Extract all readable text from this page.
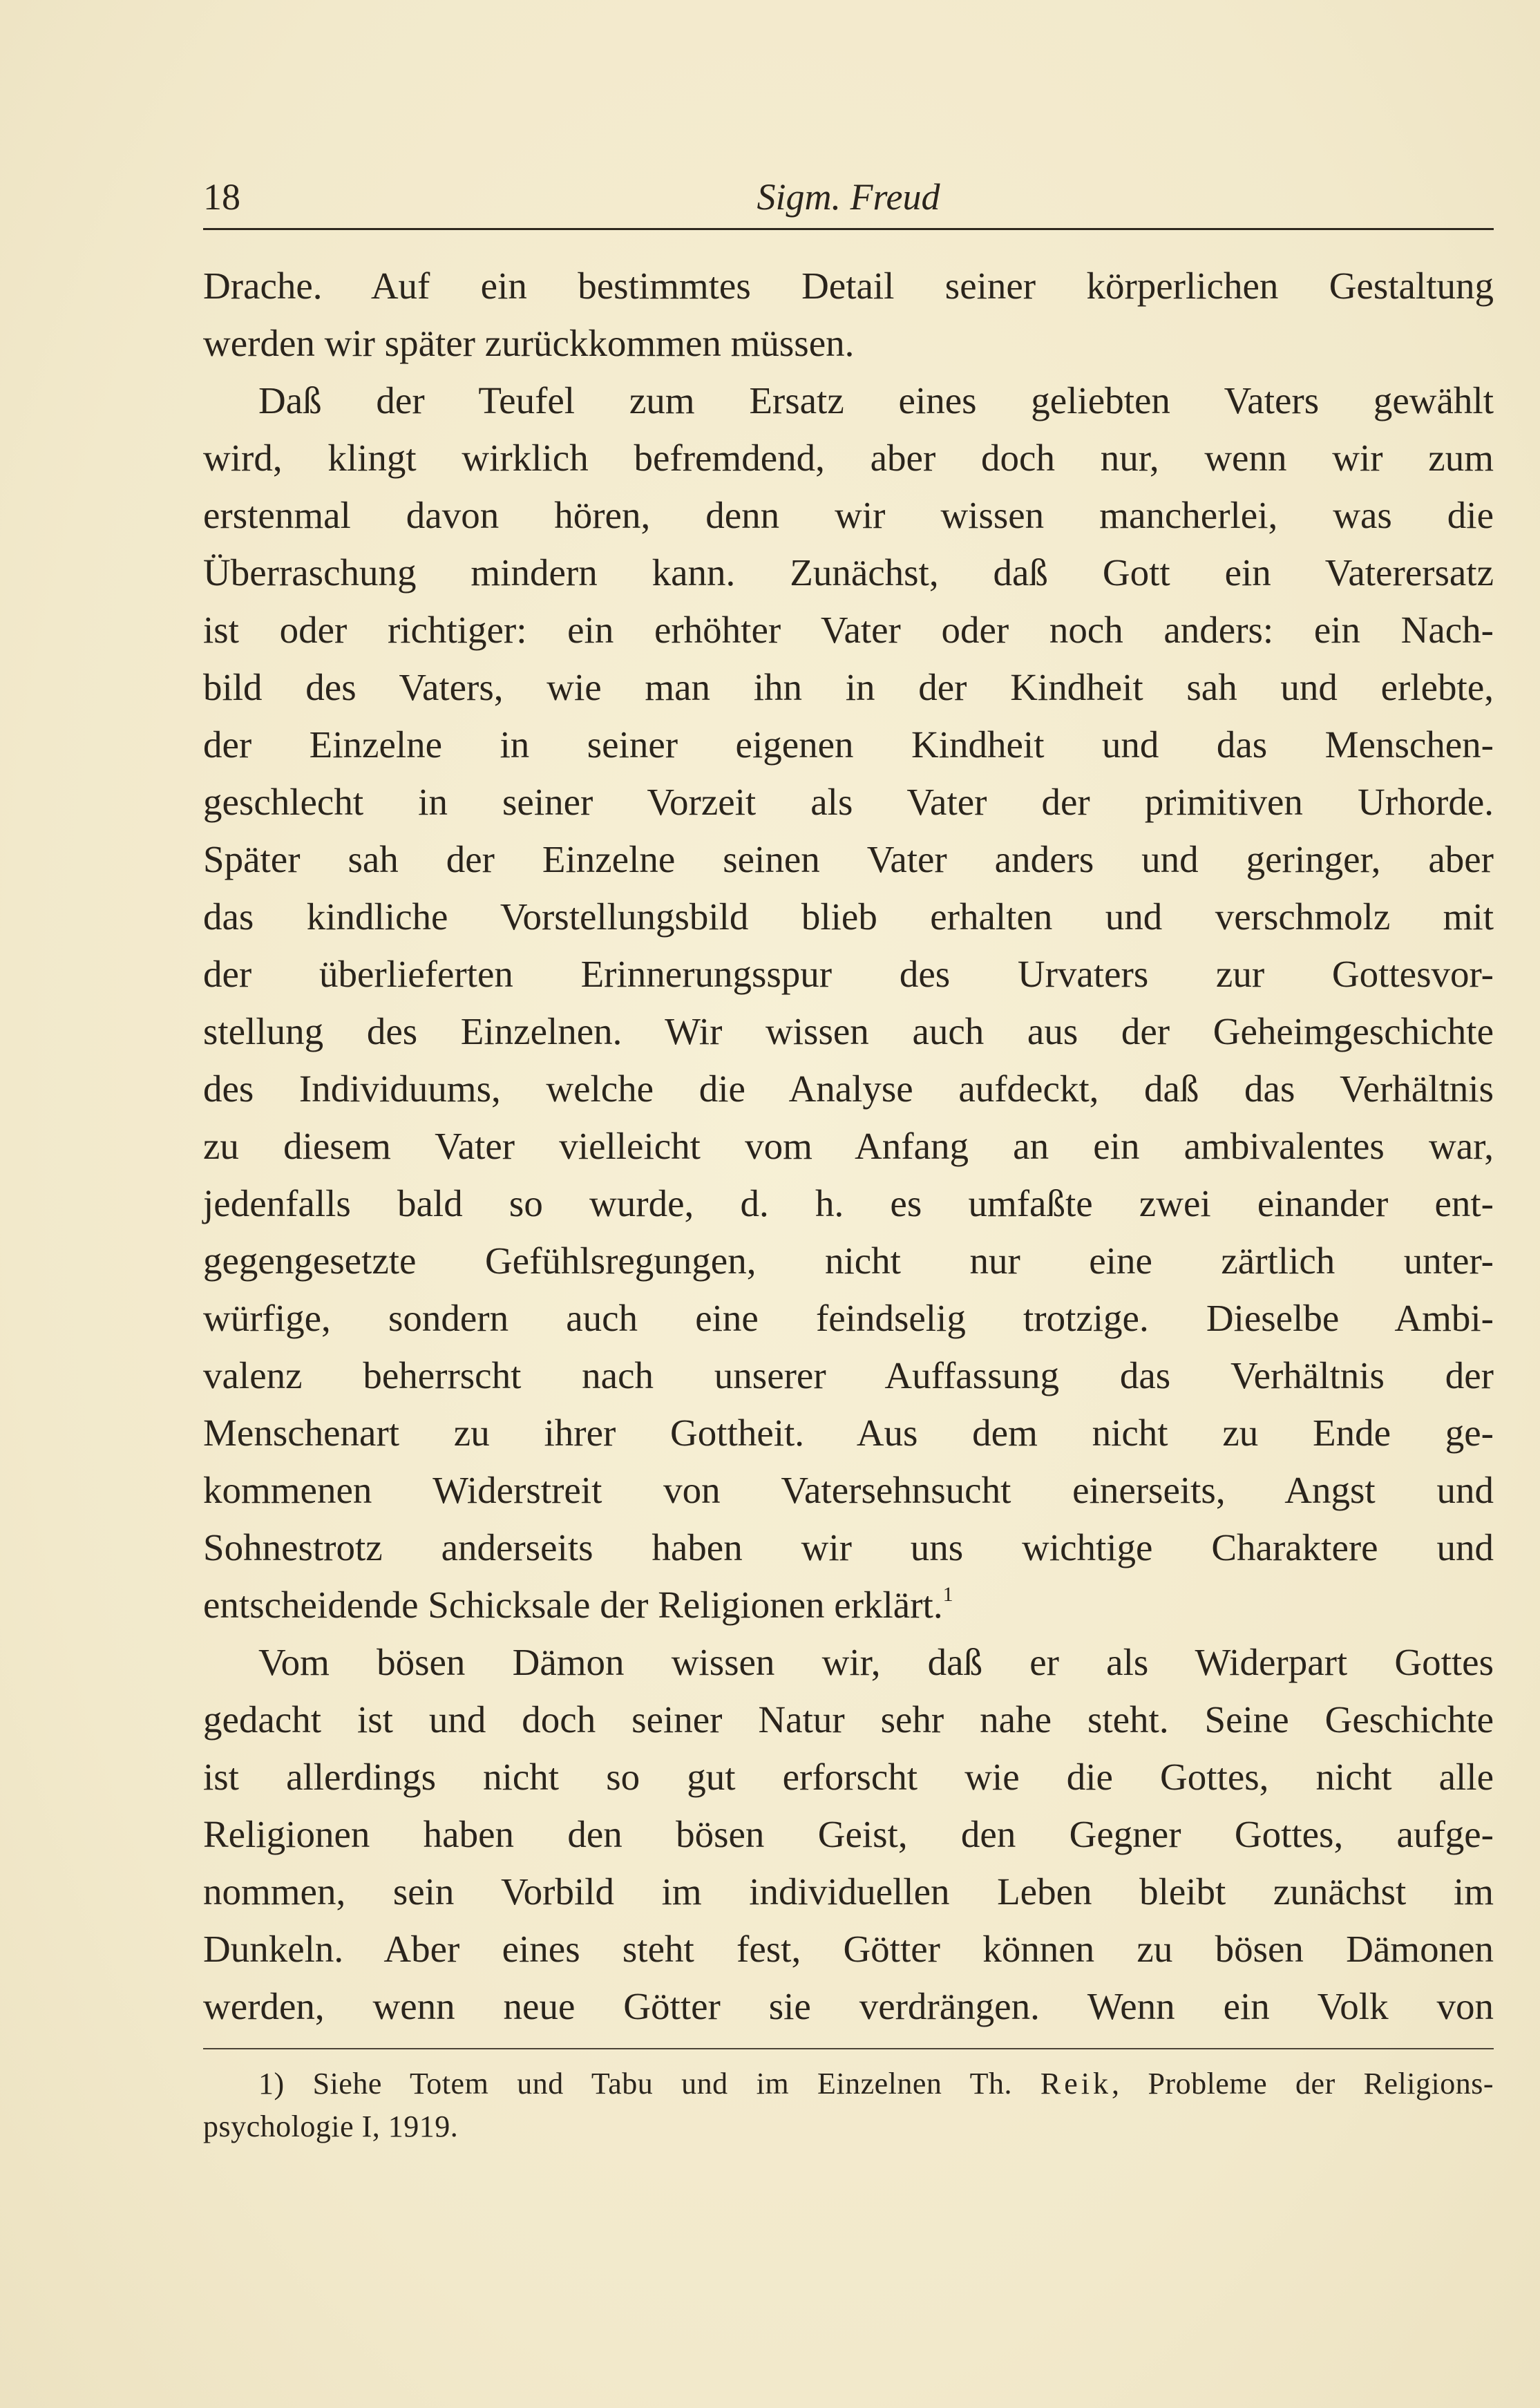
18	Sigm. Freud
Drache. Auf ein bestimmtes Detail seiner körperlichen Gestaltung
werden wir später zurückkommen müssen.
Daß der Teufel zum Ersatz eines geliebten Vaters gewählt
wird, klingt wirklich befremdend, aber doch nur, wenn wir zum
erstenmal davon hören, denn wir wissen mancherlei, was die
Überraschung mindern kann. Zunächst, daß Gott ein Vaterersatz
ist oder richtiger: ein erhöhter Vater oder noch anders: ein Nach-
bild des Vaters, wie man ihn in der Kindheit sah und erlebte,
der Einzelne in seiner eigenen Kindheit und das Menschen-
geschlecht in seiner Vorzeit als Vater der primitiven Urhorde.
Später sah der Einzelne seinen Vater anders und geringer, aber
das kindliche Vorstellungsbild blieb erhalten und verschmolz mit
der überlieferten Erinnerungsspur des Urvaters zur Gottesvor-
stellung des Einzelnen. Wir wissen auch aus der Geheimgeschichte
des Individuums, welche die Analyse aufdeckt, daß das Verhältnis
zu diesem Vater vielleicht vom Anfang an ein ambivalentes war,
jedenfalls bald so wurde, d. h. es umfaßte zwei einander ent-
gegengesetzte Gefühlsregungen, nicht nur eine zärtlich unter-
würfige, sondern auch eine feindselig trotzige. Dieselbe Ambi-
valenz beherrscht nach unserer Auffassung das Verhältnis der
Menschenart zu ihrer Gottheit. Aus dem nicht zu Ende ge-
kommenen Widerstreit von Vatersehnsucht einerseits, Angst und
Sohnestrotz anderseits haben wir uns wichtige Charaktere und
entscheidende Schicksale der Religionen erklärt.$^1$
Vom bösen Dämon wissen wir, daß er als Widerpart Gottes
gedacht ist und doch seiner Natur sehr nahe steht. Seine Geschichte
ist allerdings nicht so gut erforscht wie die Gottes, nicht alle
Religionen haben den bösen Geist, den Gegner Gottes, aufge-
nommen, sein Vorbild im individuellen Leben bleibt zunächst im
Dunkeln. Aber eines steht fest, Götter können zu bösen Dämonen
werden, wenn neue Götter sie verdrängen. Wenn ein Volk von
1) Siehe Totem und Tabu und im Einzelnen Th. Reik, Probleme der Religions-
psychologie I, 1919.
